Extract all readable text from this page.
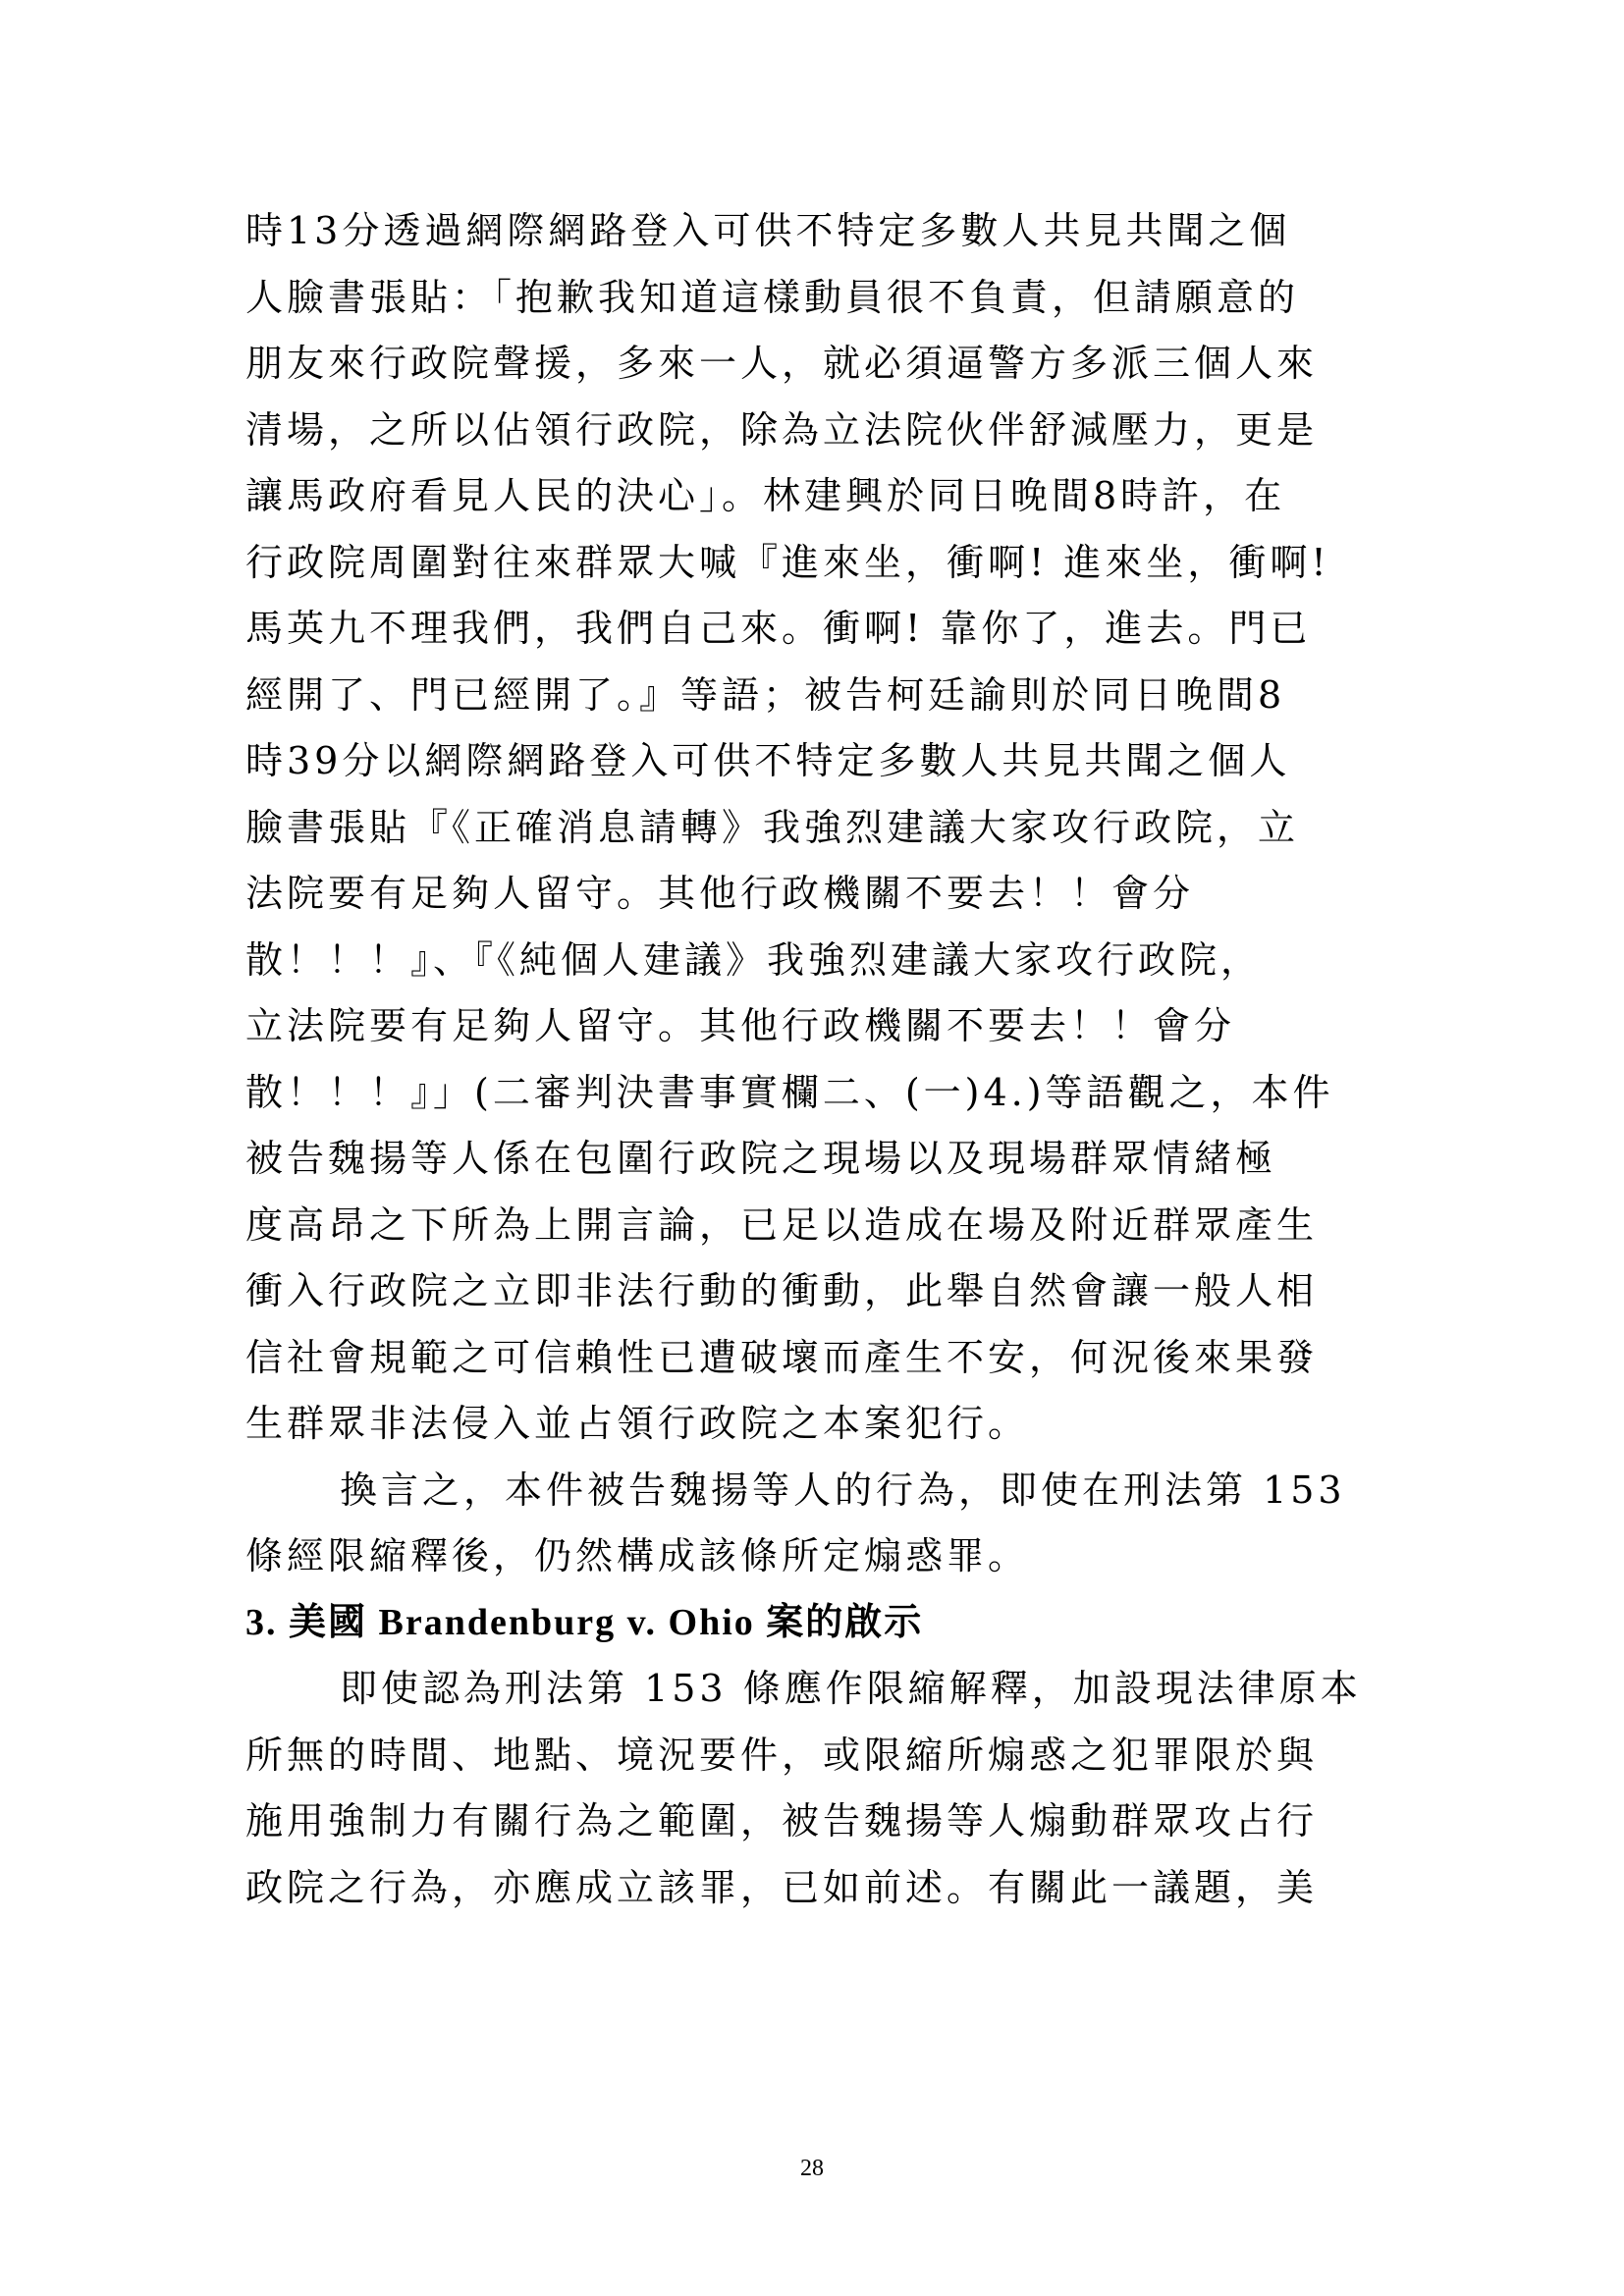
時13分透過網際網路登入可供不特定多數人共見共聞之個
人臉書張貼：「抱歉我知道這樣動員很不負責，但請願意的
朋友來行政院聲援，多來一人，就必須逼警方多派三個人來
清場，之所以佔領行政院，除為立法院伙伴舒減壓力，更是
讓馬政府看見人民的決心」。林建興於同日晚間8時許，在
行政院周圍對往來群眾大喊『進來坐，衝啊! 進來坐，衝啊!
馬英九不理我們，我們自己來。衝啊! 靠你了，進去。門已
經開了、門已經開了。』等語；被告柯廷諭則於同日晚間8
時39分以網際網路登入可供不特定多數人共見共聞之個人
臉書張貼『《正確消息請轉》我強烈建議大家攻行政院，立
法院要有足夠人留守。其他行政機關不要去！！會分
散！！！』、『《純個人建議》我強烈建議大家攻行政院，
立法院要有足夠人留守。其他行政機關不要去！！會分
散！！！』」(二審判決書事實欄二、(一)4.)等語觀之，本件
被告魏揚等人係在包圍行政院之現場以及現場群眾情緒極
度高昂之下所為上開言論，已足以造成在場及附近群眾產生
衝入行政院之立即非法行動的衝動，此舉自然會讓一般人相
信社會規範之可信賴性已遭破壞而產生不安，何況後來果發
生群眾非法侵入並占領行政院之本案犯行。
換言之，本件被告魏揚等人的行為，即使在刑法第 153
條經限縮釋後，仍然構成該條所定煽惑罪。
3. 美國 Brandenburg v. Ohio 案的啟示
即使認為刑法第 153 條應作限縮解釋，加設現法律原本
所無的時間、地點、境況要件，或限縮所煽惑之犯罪限於與
施用強制力有關行為之範圍，被告魏揚等人煽動群眾攻占行
政院之行為，亦應成立該罪，已如前述。有關此一議題，美
28
